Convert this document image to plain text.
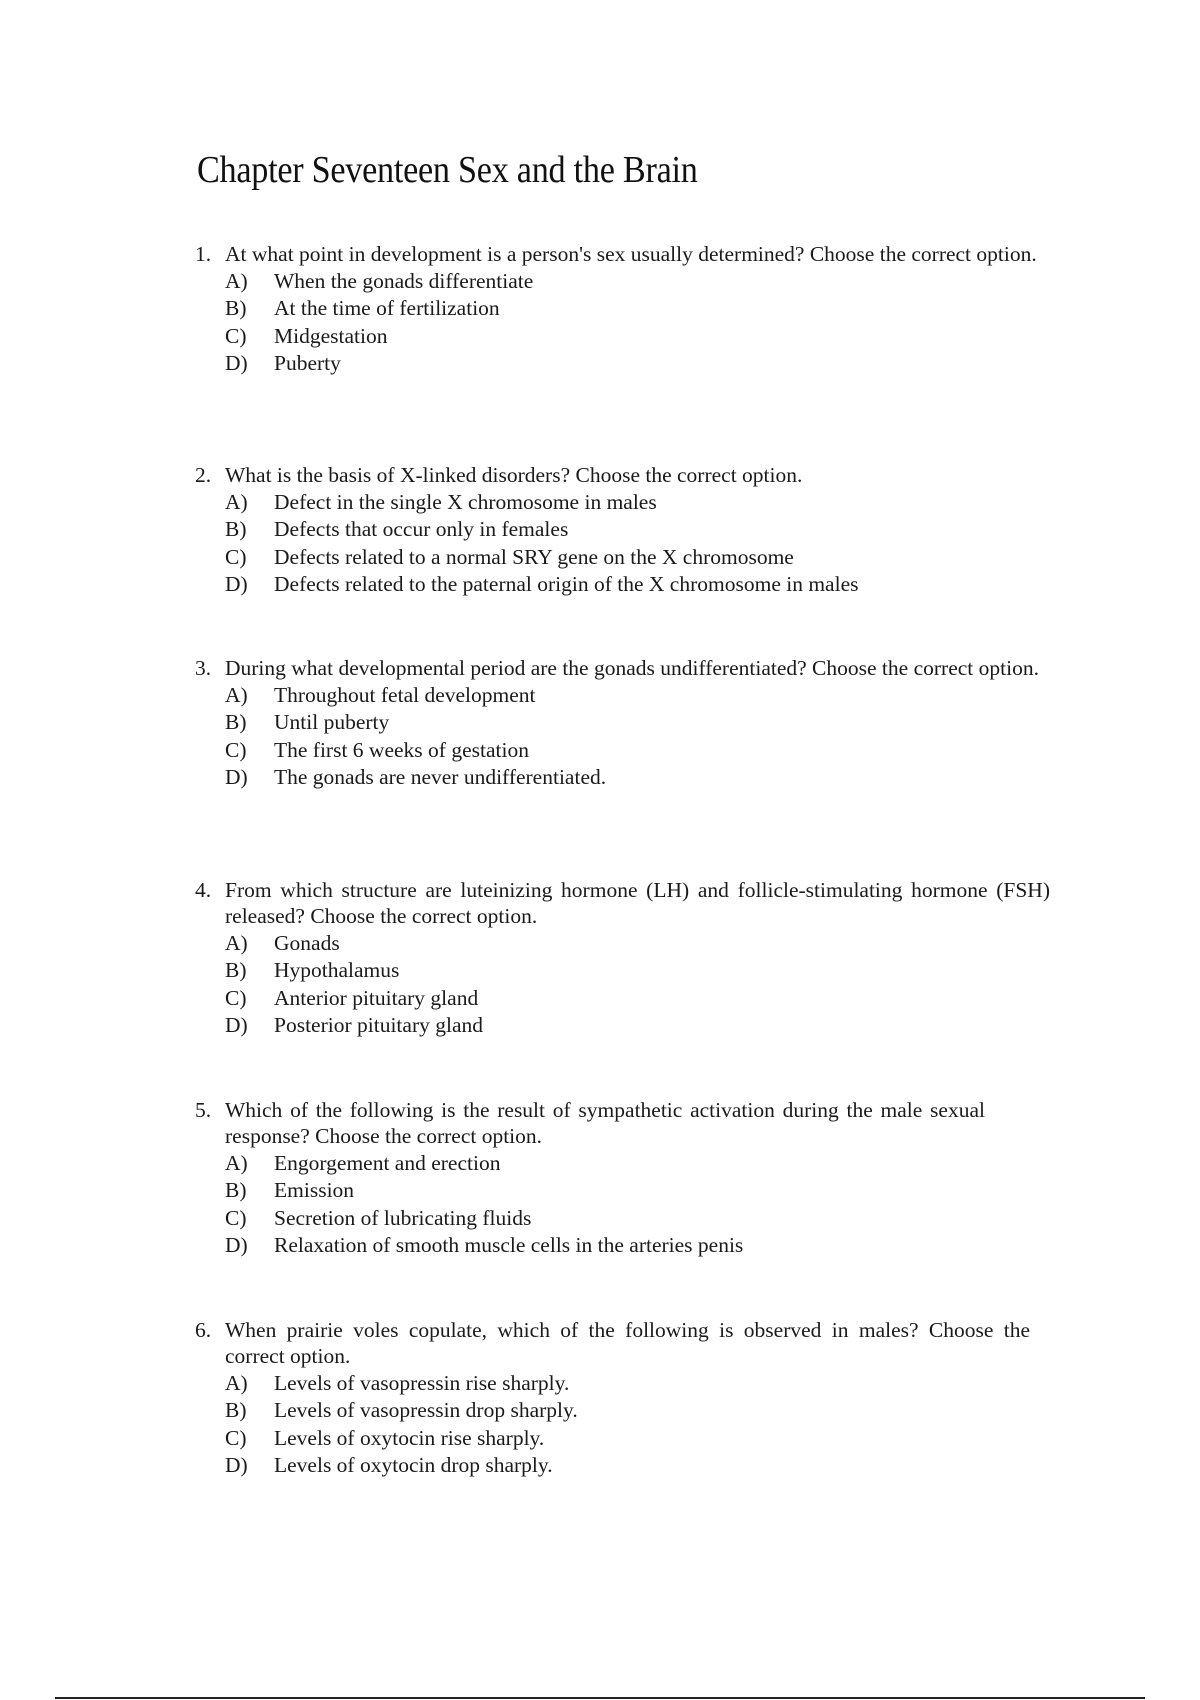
Chapter Seventeen Sex and the Brain
1. At what point in development is a person's sex usually determined? Choose the correct option.
A)	When the gonads differentiate
B)	At the time of fertilization
C)	Midgestation
D)	Puberty
2. What is the basis of X-linked disorders? Choose the correct option.
A)	Defect in the single X chromosome in males
B)	Defects that occur only in females
C)	Defects related to a normal SRY gene on the X chromosome
D)	Defects related to the paternal origin of the X chromosome in males
3. During what developmental period are the gonads undifferentiated? Choose the correct option.
A)	Throughout fetal development
B)	Until puberty
C)	The first 6 weeks of gestation
D)	The gonads are never undifferentiated.
4. From which structure are luteinizing hormone (LH) and follicle-stimulating hormone (FSH) released? Choose the correct option.
A)	Gonads
B)	Hypothalamus
C)	Anterior pituitary gland
D)	Posterior pituitary gland
5. Which of the following is the result of sympathetic activation during the male sexual response? Choose the correct option.
A)	Engorgement and erection
B)	Emission
C)	Secretion of lubricating fluids
D)	Relaxation of smooth muscle cells in the arteries penis
6. When prairie voles copulate, which of the following is observed in males? Choose the correct option.
A)	Levels of vasopressin rise sharply.
B)	Levels of vasopressin drop sharply.
C)	Levels of oxytocin rise sharply.
D)	Levels of oxytocin drop sharply.
